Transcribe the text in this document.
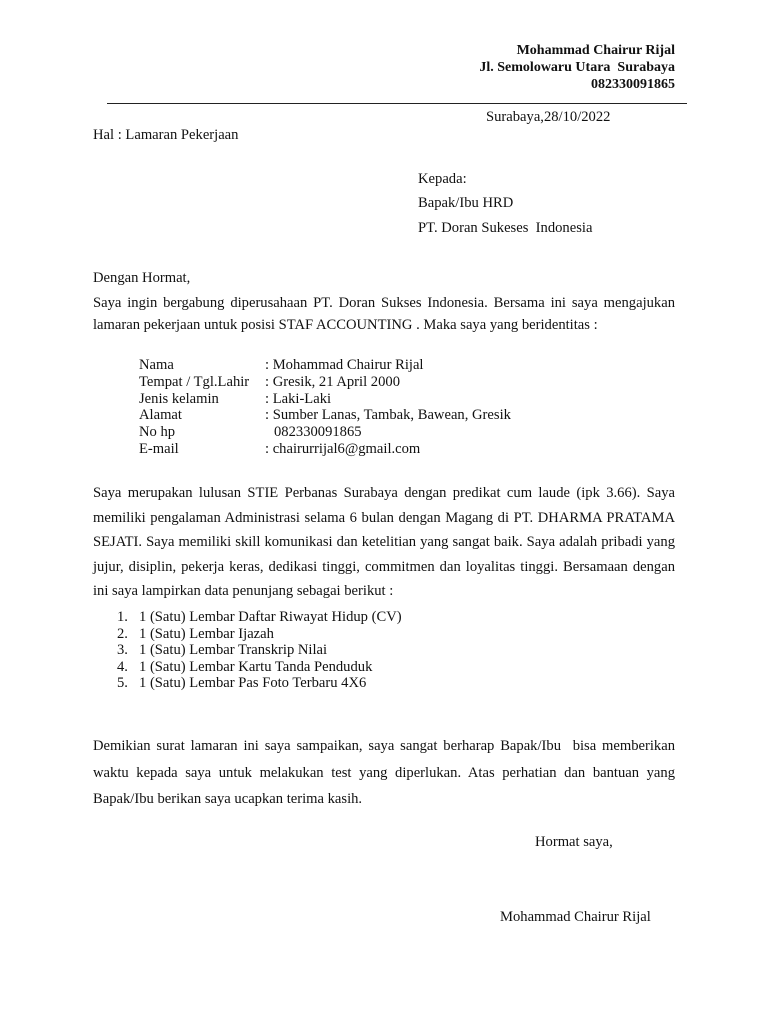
Mohammad Chairur Rijal
Jl. Semolowaru Utara  Surabaya
082330091865
Surabaya,28/10/2022
Hal : Lamaran Pekerjaan
Kepada:
Bapak/Ibu HRD
PT. Doran Sukeses  Indonesia
Dengan Hormat,
Saya ingin bergabung diperusahaan PT. Doran Sukses Indonesia. Bersama ini saya mengajukan lamaran pekerjaan untuk posisi STAF ACCOUNTING . Maka saya yang beridentitas :
Nama	: Mohammad Chairur Rijal
Tempat / Tgl.Lahir	: Gresik, 21 April 2000
Jenis kelamin	: Laki-Laki
Alamat	: Sumber Lanas, Tambak, Bawean, Gresik
No hp	082330091865
E-mail	: chairurrijal6@gmail.com
Saya merupakan lulusan STIE Perbanas Surabaya dengan predikat cum laude (ipk 3.66). Saya memiliki pengalaman Administrasi selama 6 bulan dengan Magang di PT. DHARMA PRATAMA SEJATI. Saya memiliki skill komunikasi dan ketelitian yang sangat baik. Saya adalah pribadi yang jujur, disiplin, pekerja keras, dedikasi tinggi, commitmen dan loyalitas tinggi. Bersamaan dengan ini saya lampirkan data penunjang sebagai berikut :
1. 1 (Satu) Lembar Daftar Riwayat Hidup (CV)
2. 1 (Satu) Lembar Ijazah
3. 1 (Satu) Lembar Transkrip Nilai
4. 1 (Satu) Lembar Kartu Tanda Penduduk
5. 1 (Satu) Lembar Pas Foto Terbaru 4X6
Demikian surat lamaran ini saya sampaikan, saya sangat berharap Bapak/Ibu  bisa memberikan waktu kepada saya untuk melakukan test yang diperlukan. Atas perhatian dan bantuan yang Bapak/Ibu berikan saya ucapkan terima kasih.
Hormat saya,
Mohammad Chairur Rijal
